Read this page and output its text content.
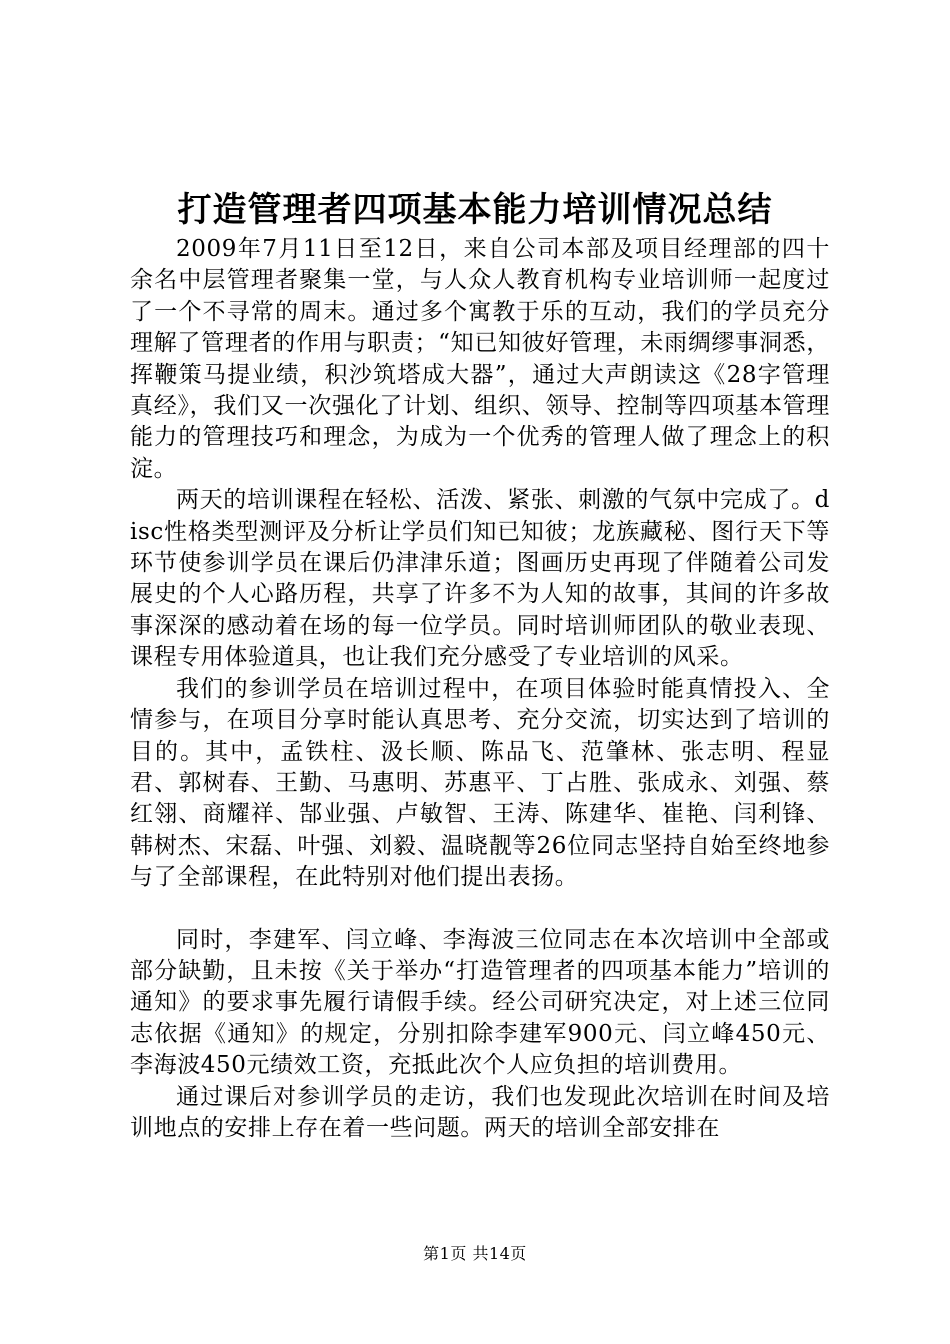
打造管理者四项基本能力培训情况总结

2009年7月11日至12日，来自公司本部及项目经理部的四十余名中层管理者聚集一堂，与人众人教育机构专业培训师一起度过了一个不寻常的周末。通过多个寓教于乐的互动，我们的学员充分理解了管理者的作用与职责；“知已知彼好管理，未雨绸缪事洞悉，挥鞭策马提业绩，积沙筑塔成大器”，通过大声朗读这《28字管理真经》，我们又一次强化了计划、组织、领导、控制等四项基本管理能力的管理技巧和理念，为成为一个优秀的管理人做了理念上的积淀。

两天的培训课程在轻松、活泼、紧张、刺激的气氛中完成了。disc性格类型测评及分析让学员们知已知彼；龙族藏秘、图行天下等环节使参训学员在课后仍津津乐道；图画历史再现了伴随着公司发展史的个人心路历程，共享了许多不为人知的故事，其间的许多故事深深的感动着在场的每一位学员。同时培训师团队的敬业表现、课程专用体验道具，也让我们充分感受了专业培训的风采。

我们的参训学员在培训过程中，在项目体验时能真情投入、全情参与，在项目分享时能认真思考、充分交流，切实达到了培训的目的。其中，孟铁柱、汲长顺、陈品飞、范肇林、张志明、程显君、郭树春、王勤、马惠明、苏惠平、丁占胜、张成永、刘强、蔡红翎、商耀祥、郜业强、卢敏智、王涛、陈建华、崔艳、闫利锋、韩树杰、宋磊、叶强、刘毅、温晓靓等26位同志坚持自始至终地参与了全部课程，在此特别对他们提出表扬。

同时，李建军、闫立峰、李海波三位同志在本次培训中全部或部分缺勤，且未按《关于举办“打造管理者的四项基本能力”培训的通知》的要求事先履行请假手续。经公司研究决定，对上述三位同志依据《通知》的规定，分别扣除李建军900元、闫立峰450元、李海波450元绩效工资，充抵此次个人应负担的培训费用。

通过课后对参训学员的走访，我们也发现此次培训在时间及培训地点的安排上存在着一些问题。两天的培训全部安排在

第1页 共14页
